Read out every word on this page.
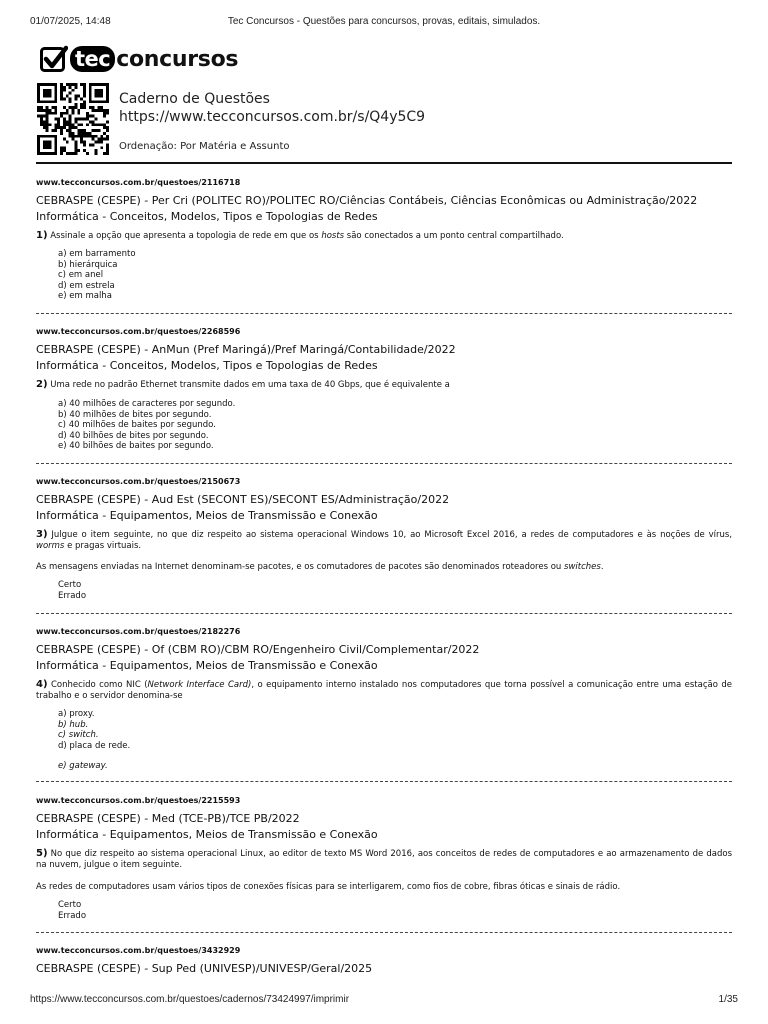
01/07/2025, 14:48	Tec Concursos - Questões para concursos, provas, editais, simulados.
tec concursos
Caderno de Questões
https://www.tecconcursos.com.br/s/Q4y5C9
Ordenação: Por Matéria e Assunto
www.tecconcursos.com.br/questoes/2116718
CEBRASPE (CESPE) - Per Cri (POLITEC RO)/POLITEC RO/Ciências Contábeis, Ciências Econômicas ou Administração/2022
Informática - Conceitos, Modelos, Tipos e Topologias de Redes
1) Assinale a opção que apresenta a topologia de rede em que os hosts são conectados a um ponto central compartilhado.
a) em barramento
b) hierárquica
c) em anel
d) em estrela
e) em malha
www.tecconcursos.com.br/questoes/2268596
CEBRASPE (CESPE) - AnMun (Pref Maringá)/Pref Maringá/Contabilidade/2022
Informática - Conceitos, Modelos, Tipos e Topologias de Redes
2) Uma rede no padrão Ethernet transmite dados em uma taxa de 40 Gbps, que é equivalente a
a) 40 milhões de caracteres por segundo.
b) 40 milhões de bites por segundo.
c) 40 milhões de baites por segundo.
d) 40 bilhões de bites por segundo.
e) 40 bilhões de baites por segundo.
www.tecconcursos.com.br/questoes/2150673
CEBRASPE (CESPE) - Aud Est (SECONT ES)/SECONT ES/Administração/2022
Informática - Equipamentos, Meios de Transmissão e Conexão
3) Julgue o item seguinte, no que diz respeito ao sistema operacional Windows 10, ao Microsoft Excel 2016, a redes de computadores e às noções de vírus, worms e pragas virtuais.
As mensagens enviadas na Internet denominam-se pacotes, e os comutadores de pacotes são denominados roteadores ou switches.
Certo
Errado
www.tecconcursos.com.br/questoes/2182276
CEBRASPE (CESPE) - Of (CBM RO)/CBM RO/Engenheiro Civil/Complementar/2022
Informática - Equipamentos, Meios de Transmissão e Conexão
4) Conhecido como NIC (Network Interface Card), o equipamento interno instalado nos computadores que torna possível a comunicação entre uma estação de trabalho e o servidor denomina-se
a) proxy.
b) hub.
c) switch.
d) placa de rede.
e) gateway.
www.tecconcursos.com.br/questoes/2215593
CEBRASPE (CESPE) - Med (TCE-PB)/TCE PB/2022
Informática - Equipamentos, Meios de Transmissão e Conexão
5) No que diz respeito ao sistema operacional Linux, ao editor de texto MS Word 2016, aos conceitos de redes de computadores e ao armazenamento de dados na nuvem, julgue o item seguinte.
As redes de computadores usam vários tipos de conexões físicas para se interligarem, como fios de cobre, fibras óticas e sinais de rádio.
Certo
Errado
www.tecconcursos.com.br/questoes/3432929
CEBRASPE (CESPE) - Sup Ped (UNIVESP)/UNIVESP/Geral/2025
https://www.tecconcursos.com.br/questoes/cadernos/73424997/imprimir	1/35
